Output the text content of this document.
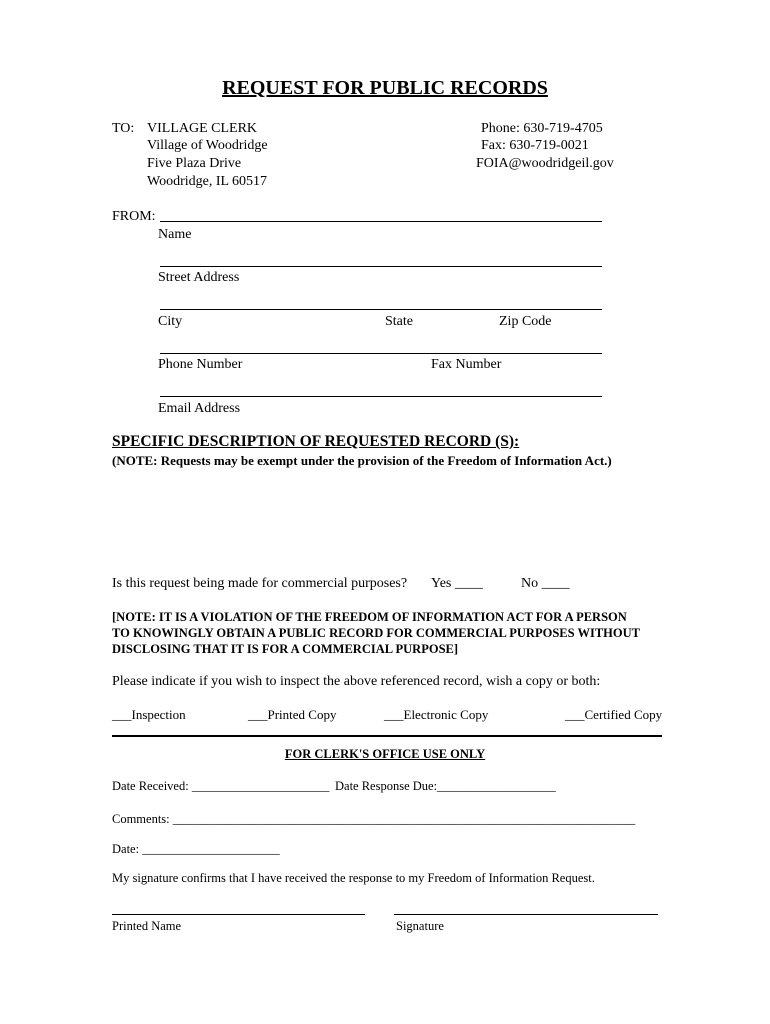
REQUEST FOR PUBLIC RECORDS
TO: VILLAGE CLERK
Village of Woodridge
Five Plaza Drive
Woodridge, IL 60517
Phone: 630-719-4705
Fax: 630-719-0021
FOIA@woodridgeil.gov
FROM:
Name
Street Address
City	State	Zip Code
Phone Number	Fax Number
Email Address
SPECIFIC DESCRIPTION OF REQUESTED RECORD (S):
(NOTE: Requests may be exempt under the provision of the Freedom of Information Act.)
Is this request being made for commercial purposes? Yes ____	No ____
[NOTE: IT IS A VIOLATION OF THE FREEDOM OF INFORMATION ACT FOR A PERSON
TO KNOWINGLY OBTAIN A PUBLIC RECORD FOR COMMERCIAL PURPOSES WITHOUT
DISCLOSING THAT IT IS FOR A COMMERCIAL PURPOSE]
Please indicate if you wish to inspect the above referenced record, wish a copy or both:
___Inspection	___Printed Copy	___Electronic Copy	___Certified Copy
FOR CLERK'S OFFICE USE ONLY
Date Received: ______________________ Date Response Due:___________________
Comments: __________________________________________________________________________
Date: ______________________
My signature confirms that I have received the response to my Freedom of Information Request.
Printed Name	Signature
